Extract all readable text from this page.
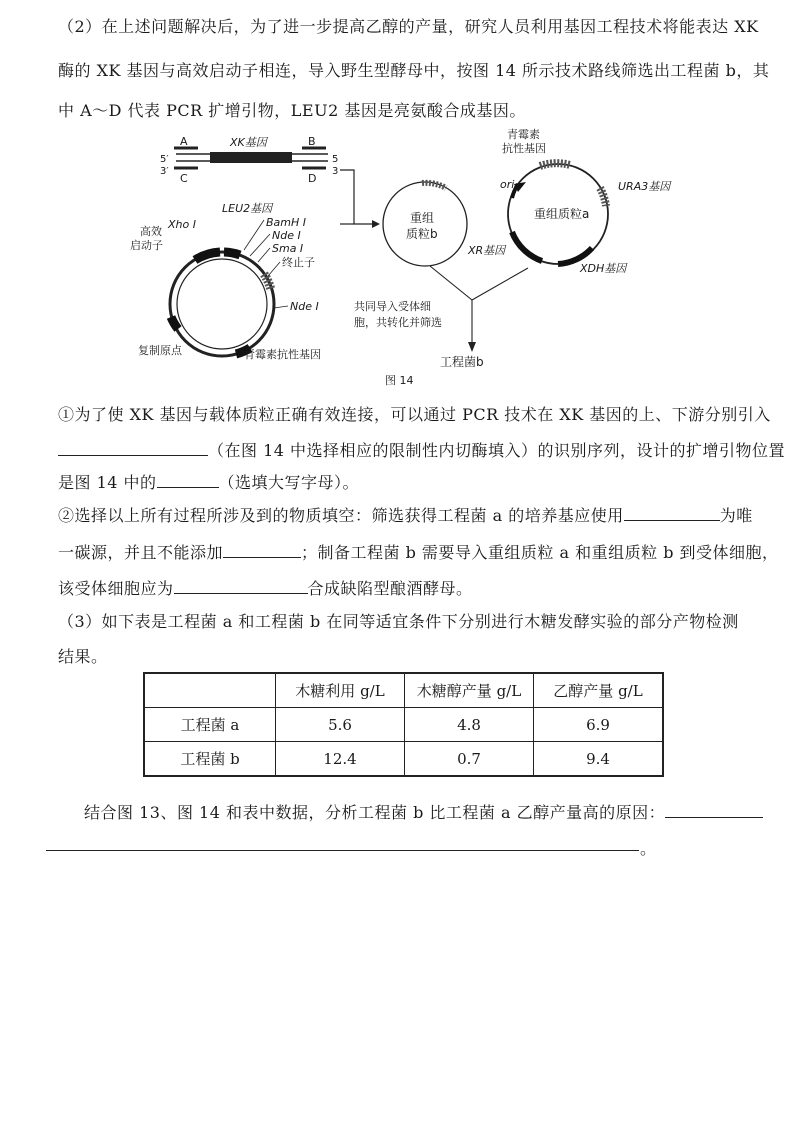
（2）在上述问题解决后，为了进一步提高乙醇的产量，研究人员利用基因工程技术将能表达 XK
酶的 XK 基因与高效启动子相连，导入野生型酵母中，按图 14 所示技术路线筛选出工程菌 b，其
中 A～D 代表 PCR 扩增引物，LEU2 基因是亮氨酸合成基因。
A
C
B
D
5′
3′
5
3
XK基因
Xho Ⅰ
LEU2基因
BamH Ⅰ
Nde Ⅰ
Sma Ⅰ
终止子
高效
启动子
Nde Ⅰ
复制原点	青霉素抗性基因
重组
质粒b
重组质粒a
青霉素
抗性基因
ori	URA3基因
XR基因
XDH基因
共同导入受体细
胞，共转化并筛选
工程菌b
图 14
①为了使 XK 基因与载体质粒正确有效连接，可以通过 PCR 技术在 XK 基因的上、下游分别引入
（在图 14 中选择相应的限制性内切酶填入）的识别序列，设计的扩增引物位置
是图 14 中的	（选填大写字母）。
②选择以上所有过程所涉及到的物质填空：筛选获得工程菌 a 的培养基应使用	为唯
一碳源，并且不能添加	；制备工程菌 b 需要导入重组质粒 a 和重组质粒 b 到受体细胞，
该受体细胞应为	合成缺陷型酿酒酵母。
（3）如下表是工程菌 a 和工程菌 b 在同等适宜条件下分别进行木糖发酵实验的部分产物检测
结果。
	木糖利用 g/L	木糖醇产量 g/L	乙醇产量 g/L
工程菌 a	5.6	4.8	6.9
工程菌 b	12.4	0.7	9.4
结合图 13、图 14 和表中数据，分析工程菌 b 比工程菌 a 乙醇产量高的原因：
。
